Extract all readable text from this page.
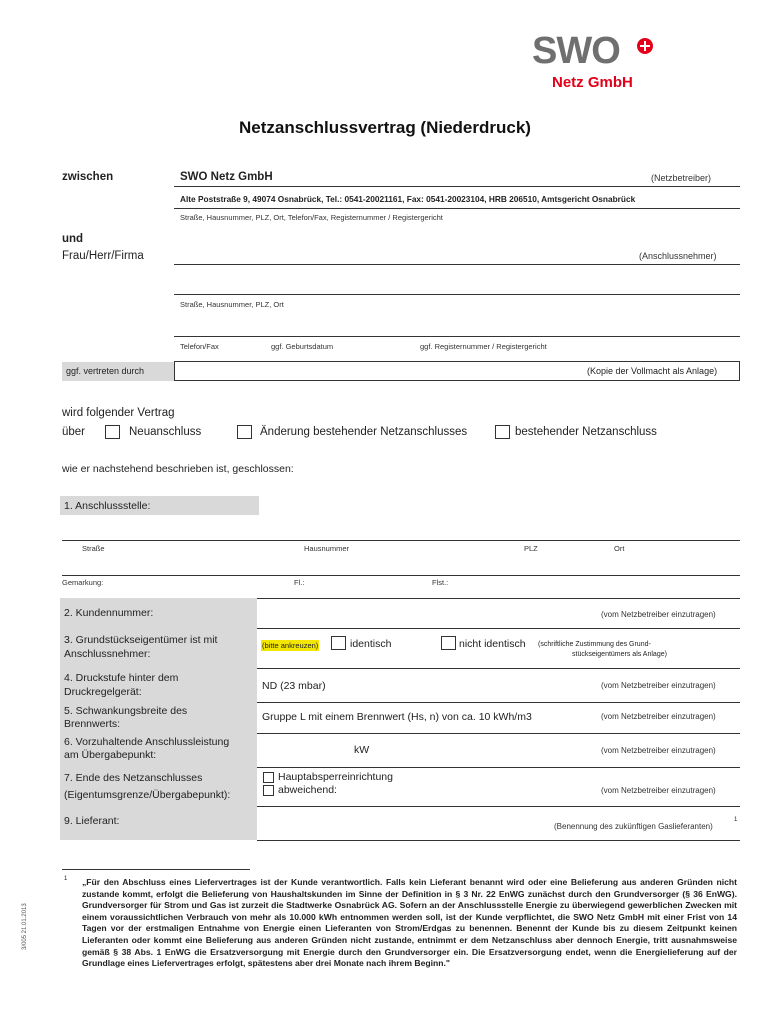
SWO
Netz GmbH
Netzanschlussvertrag (Niederdruck)
zwischen	SWO Netz GmbH	(Netzbetreiber)
Alte Poststraße 9, 49074 Osnabrück, Tel.: 0541-20021161, Fax: 0541-20023104, HRB 206510, Amtsgericht Osnabrück
Straße, Hausnummer, PLZ, Ort, Telefon/Fax, Registernummer / Registergericht
und
Frau/Herr/Firma	(Anschlussnehmer)
Straße, Hausnummer, PLZ, Ort
Telefon/Fax	ggf. Geburtsdatum	ggf. Registernummer / Registergericht
ggf. vertreten durch	(Kopie der Vollmacht als Anlage)
wird folgender Vertrag
über	Neuanschluss	Änderung bestehender Netzanschlusses	bestehender Netzanschluss
wie er nachstehend beschrieben ist, geschlossen:
1. Anschlussstelle:
Straße	Hausnummer	PLZ	Ort
Gemarkung:	Fl.:	Flst.:
2. Kundennummer:	(vom Netzbetreiber einzutragen)
3. Grundstückseigentümer ist mit
Anschlussnehmer:
(bitte ankreuzen)	identisch	nicht identisch (schriftliche Zustimmung des Grund-
stückseigentümers als Anlage)
4. Druckstufe hinter dem
Druckregelgerät:	ND (23 mbar)	(vom Netzbetreiber einzutragen)
5. Schwankungsbreite des
Brennwerts:
Gruppe L mit einem Brennwert (Hs, n) von ca. 10 kWh/m3	(vom Netzbetreiber einzutragen)
6. Vorzuhaltende Anschlussleistung
am Übergabepunkt:	kW	(vom Netzbetreiber einzutragen)
7. Ende des Netzanschlusses
(Eigentumsgrenze/Übergabepunkt):
Hauptabsperreinrichtung
abweichend:	(vom Netzbetreiber einzutragen)
9. Lieferant:	(Benennung des zukünftigen Gaslieferanten)
1
1 „Für den Abschluss eines Liefervertrages ist der Kunde verantwortlich. Falls kein Lieferant benannt wird oder eine Belieferung aus anderen Gründen nicht zustande kommt, erfolgt die Belieferung von Haushaltskunden im Sinne der Definition in § 3 Nr. 22 EnWG zunächst durch den Grundversorger (§ 36 EnWG). Grundversorger für Strom und Gas ist zurzeit die Stadtwerke Osnabrück AG. Sofern an der Anschlussstelle Energie zu überwiegend gewerblichen Zwecken mit einem voraussichtlichen Verbrauch von mehr als 10.000 kWh entnommen werden soll, ist der Kunde verpflichtet, die SWO Netz GmbH mit einer Frist von 14 Tagen vor der erstmaligen Entnahme von Energie einen Lieferanten von Strom/Erdgas zu benennen. Benennt der Kunde bis zu diesem Zeitpunkt keinen Lieferanten oder kommt eine Belieferung aus anderen Gründen nicht zustande, entnimmt er dem Netzanschluss aber dennoch Energie, tritt ausnahmsweise gemäß § 38 Abs. 1 EnWG die Ersatzversorgung mit Energie durch den Grundversorger ein. Die Ersatzversorgung endet, wenn die Energielieferung auf der Grundlage eines Liefervertrages erfolgt, spätestens aber drei Monate nach ihrem Beginn."
3/005 21.01.2013
